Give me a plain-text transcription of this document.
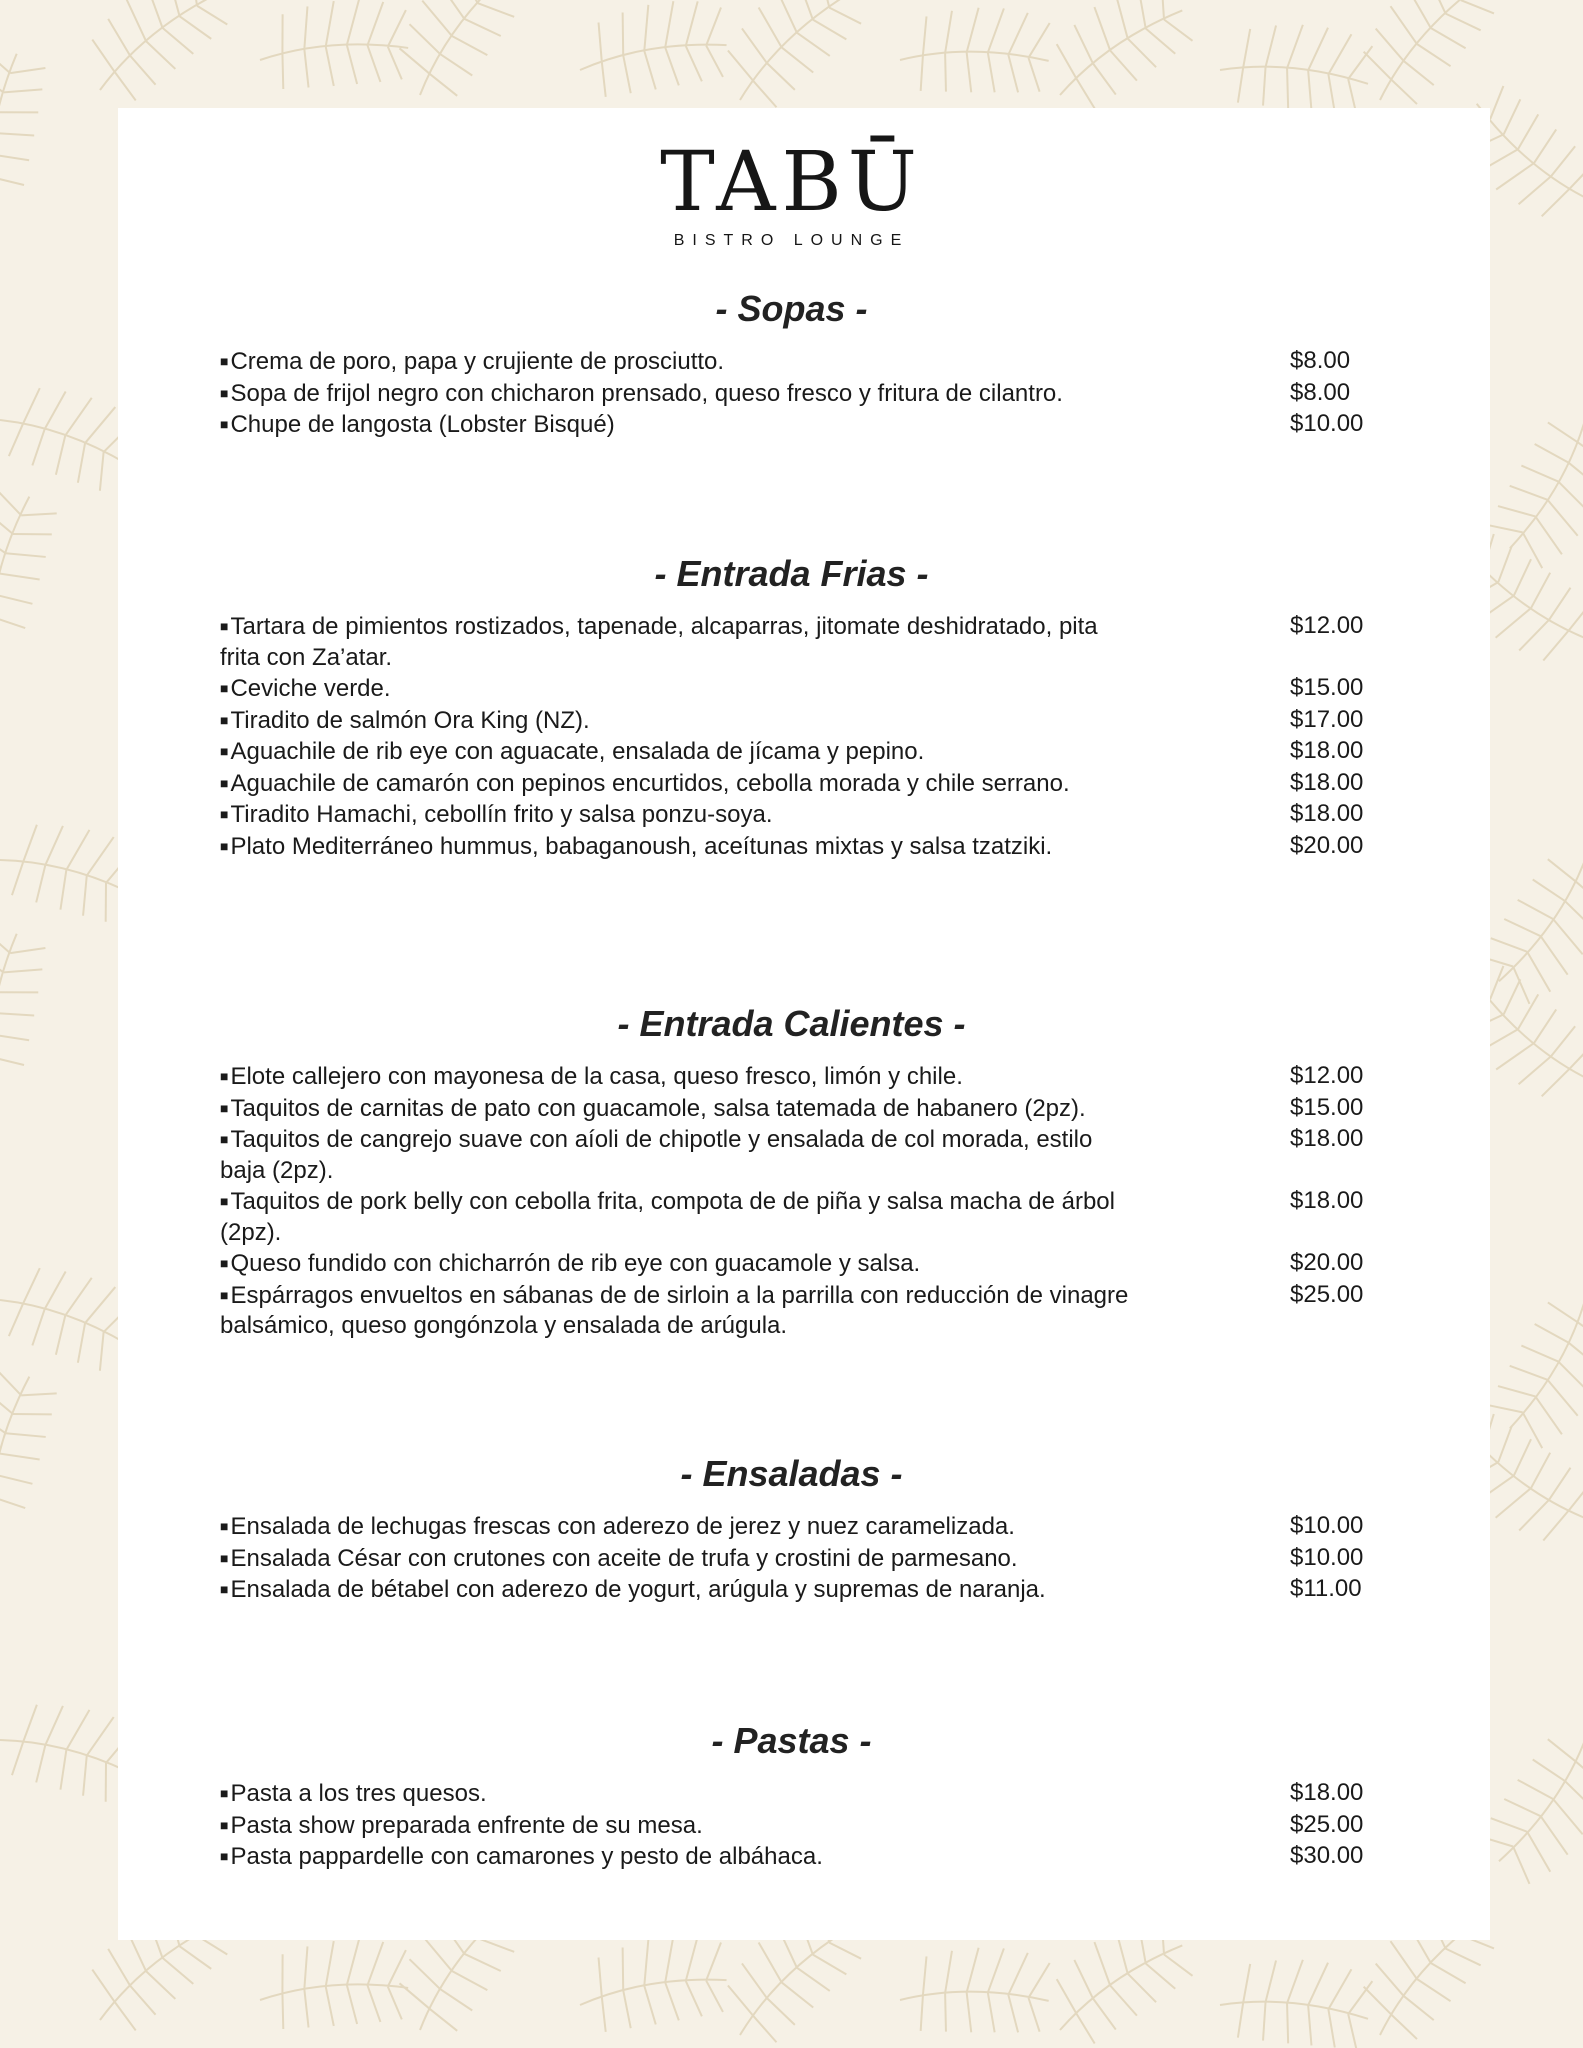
TABŪ
BISTRO LOUNGE
- Sopas -
■Crema de poro, papa y crujiente de prosciutto.	$8.00
■Sopa de frijol negro con chicharon prensado, queso fresco y fritura de cilantro.	$8.00
■Chupe de langosta (Lobster Bisqué)	$10.00
- Entrada Frias -
■Tartara de pimientos rostizados, tapenade, alcaparras, jitomate deshidratado, pita frita con Za’atar.
$12.00
■Ceviche verde.	$15.00
■Tiradito de salmón Ora King (NZ).	$17.00
■Aguachile de rib eye con aguacate, ensalada de jícama y pepino.	$18.00
■Aguachile de camarón con pepinos encurtidos, cebolla morada y chile serrano.	$18.00
■Tiradito Hamachi, cebollín frito y salsa ponzu-soya.	$18.00
■Plato Mediterráneo hummus, babaganoush, aceítunas mixtas y salsa tzatziki.	$20.00
- Entrada Calientes -
■Elote callejero con mayonesa de la casa, queso fresco, limón y chile.	$12.00
■Taquitos de carnitas de pato con guacamole, salsa tatemada de habanero (2pz).	$15.00
■Taquitos de cangrejo suave con aíoli de chipotle y ensalada de col morada, estilo baja (2pz).
$18.00
■Taquitos de pork belly con cebolla frita, compota de de piña y salsa macha de árbol (2pz).
$18.00
■Queso fundido con chicharrón de rib eye con guacamole y salsa.	$20.00
■Espárragos envueltos en sábanas de de sirloin a la parrilla con reducción de vinagre balsámico, queso gongónzola y ensalada de arúgula.
$25.00
- Ensaladas -
■Ensalada de lechugas frescas con aderezo de jerez y nuez caramelizada.	$10.00
■Ensalada César con crutones con aceite de trufa y crostini de parmesano.	$10.00
■Ensalada de bétabel con aderezo de yogurt, arúgula y supremas de naranja.	$11.00
- Pastas -
■Pasta a los tres quesos.	$18.00
■Pasta show preparada enfrente de su mesa.	$25.00
■Pasta pappardelle con camarones y pesto de albáhaca.	$30.00
